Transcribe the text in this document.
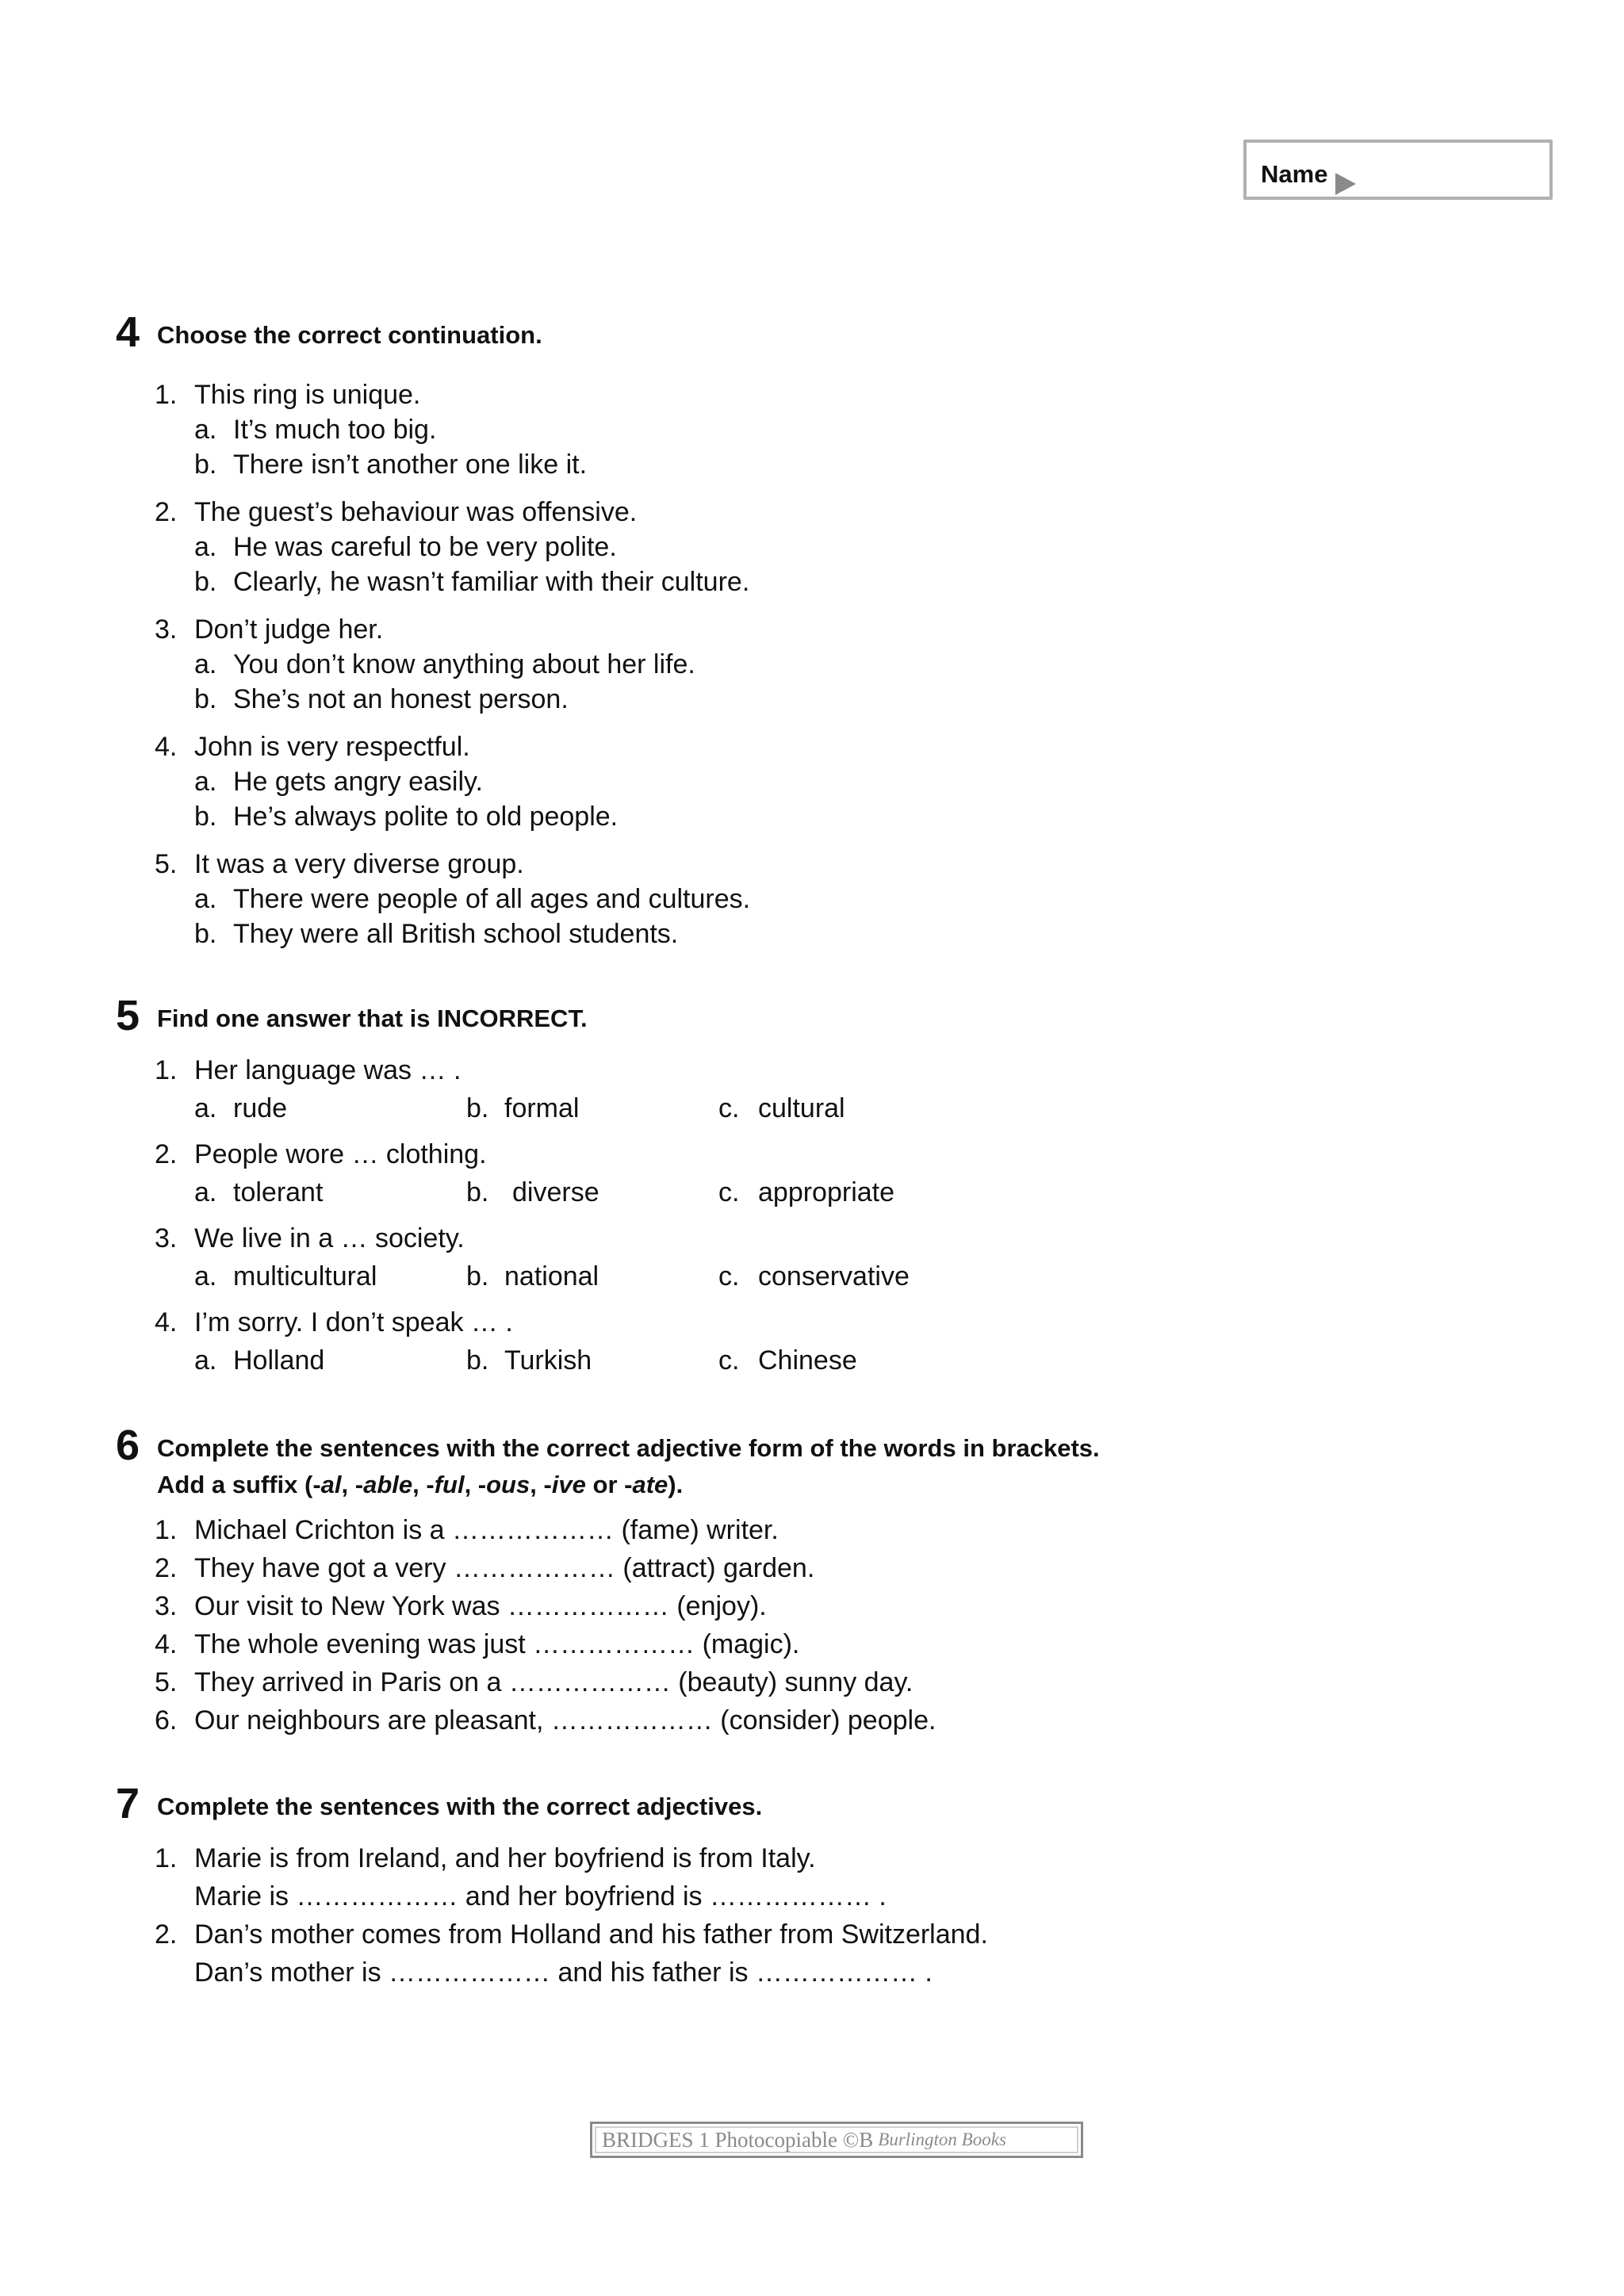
Name
4 Choose the correct continuation.
1. This ring is unique.
a. It’s much too big.
b. There isn’t another one like it.
2. The guest’s behaviour was offensive.
a. He was careful to be very polite.
b. Clearly, he wasn’t familiar with their culture.
3. Don’t judge her.
a. You don’t know anything about her life.
b. She’s not an honest person.
4. John is very respectful.
a. He gets angry easily.
b. He’s always polite to old people.
5. It was a very diverse group.
a. There were people of all ages and cultures.
b. They were all British school students.
5 Find one answer that is INCORRECT.
1. Her language was … .
a. rude	b. formal	c. cultural
2. People wore … clothing.
a. tolerant	b. diverse	c. appropriate
3. We live in a … society.
a. multicultural	b. national	c. conservative
4. I’m sorry. I don’t speak … .
a. Holland	b. Turkish	c. Chinese
6 Complete the sentences with the correct adjective form of the words in brackets.
Add a suffix (-al, -able, -ful, -ous, -ive or -ate).
1. Michael Crichton is a ……………… (fame) writer.
2. They have got a very ……………… (attract) garden.
3. Our visit to New York was ……………… (enjoy).
4. The whole evening was just ……………… (magic).
5. They arrived in Paris on a ……………… (beauty) sunny day.
6. Our neighbours are pleasant, ……………… (consider) people.
7 Complete the sentences with the correct adjectives.
1. Marie is from Ireland, and her boyfriend is from Italy.
Marie is ……………… and her boyfriend is ……………… .
2. Dan’s mother comes from Holland and his father from Switzerland.
Dan’s mother is ……………… and his father is ……………… .
BRIDGES 1 Photocopiable ©B Burlington Books
